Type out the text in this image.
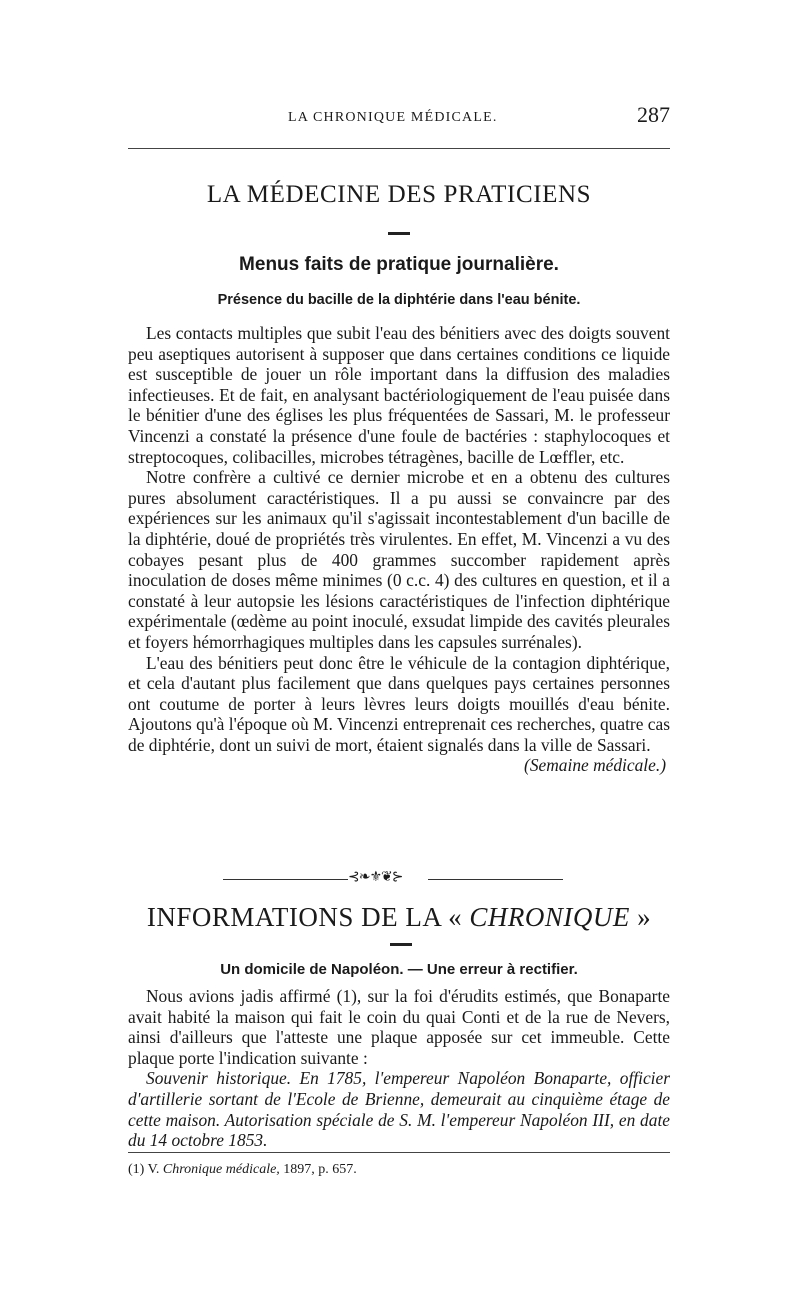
LA CHRONIQUE MÉDICALE.	287
LA MÉDECINE DES PRATICIENS
Menus faits de pratique journalière.
Présence du bacille de la diphtérie dans l'eau bénite.

Les contacts multiples que subit l'eau des bénitiers avec des doigts souvent peu aseptiques autorisent à supposer que dans certaines conditions ce liquide est susceptible de jouer un rôle important dans la diffusion des maladies infectieuses. Et de fait, en analysant bactériologiquement de l'eau puisée dans le bénitier d'une des églises les plus fréquentées de Sassari, M. le professeur Vincenzi a constaté la présence d'une foule de bactéries : staphylocoques et streptocoques, colibacilles, microbes tétragènes, bacille de Lœffler, etc.

Notre confrère a cultivé ce dernier microbe et en a obtenu des cultures pures absolument caractéristiques. Il a pu aussi se convaincre par des expériences sur les animaux qu'il s'agissait incontestablement d'un bacille de la diphtérie, doué de propriétés très virulentes. En effet, M. Vincenzi a vu des cobayes pesant plus de 400 grammes succomber rapidement après inoculation de doses même minimes (0 c.c. 4) des cultures en question, et il a constaté à leur autopsie les lésions caractéristiques de l'infection diphtérique expérimentale (œdème au point inoculé, exsudat limpide des cavités pleurales et foyers hémorrhagiques multiples dans les capsules surrénales).

L'eau des bénitiers peut donc être le véhicule de la contagion diphtérique, et cela d'autant plus facilement que dans quelques pays certaines personnes ont coutume de porter à leurs lèvres leurs doigts mouillés d'eau bénite. Ajoutons qu'à l'époque où M. Vincenzi entreprenait ces recherches, quatre cas de diphtérie, dont un suivi de mort, étaient signalés dans la ville de Sassari.

(Semaine médicale.)

⊰❧⚜❦⊱
INFORMATIONS DE LA « CHRONIQUE »
Un domicile de Napoléon. — Une erreur à rectifier.

Nous avions jadis affirmé (1), sur la foi d'érudits estimés, que Bonaparte avait habité la maison qui fait le coin du quai Conti et de la rue de Nevers, ainsi d'ailleurs que l'atteste une plaque apposée sur cet immeuble. Cette plaque porte l'indication suivante :

Souvenir historique. En 1785, l'empereur Napoléon Bonaparte, officier d'artillerie sortant de l'Ecole de Brienne, demeurait au cinquième étage de cette maison. Autorisation spéciale de S. M. l'empereur Napoléon III, en date du 14 octobre 1853.

(1) V. Chronique médicale, 1897, p. 657.
